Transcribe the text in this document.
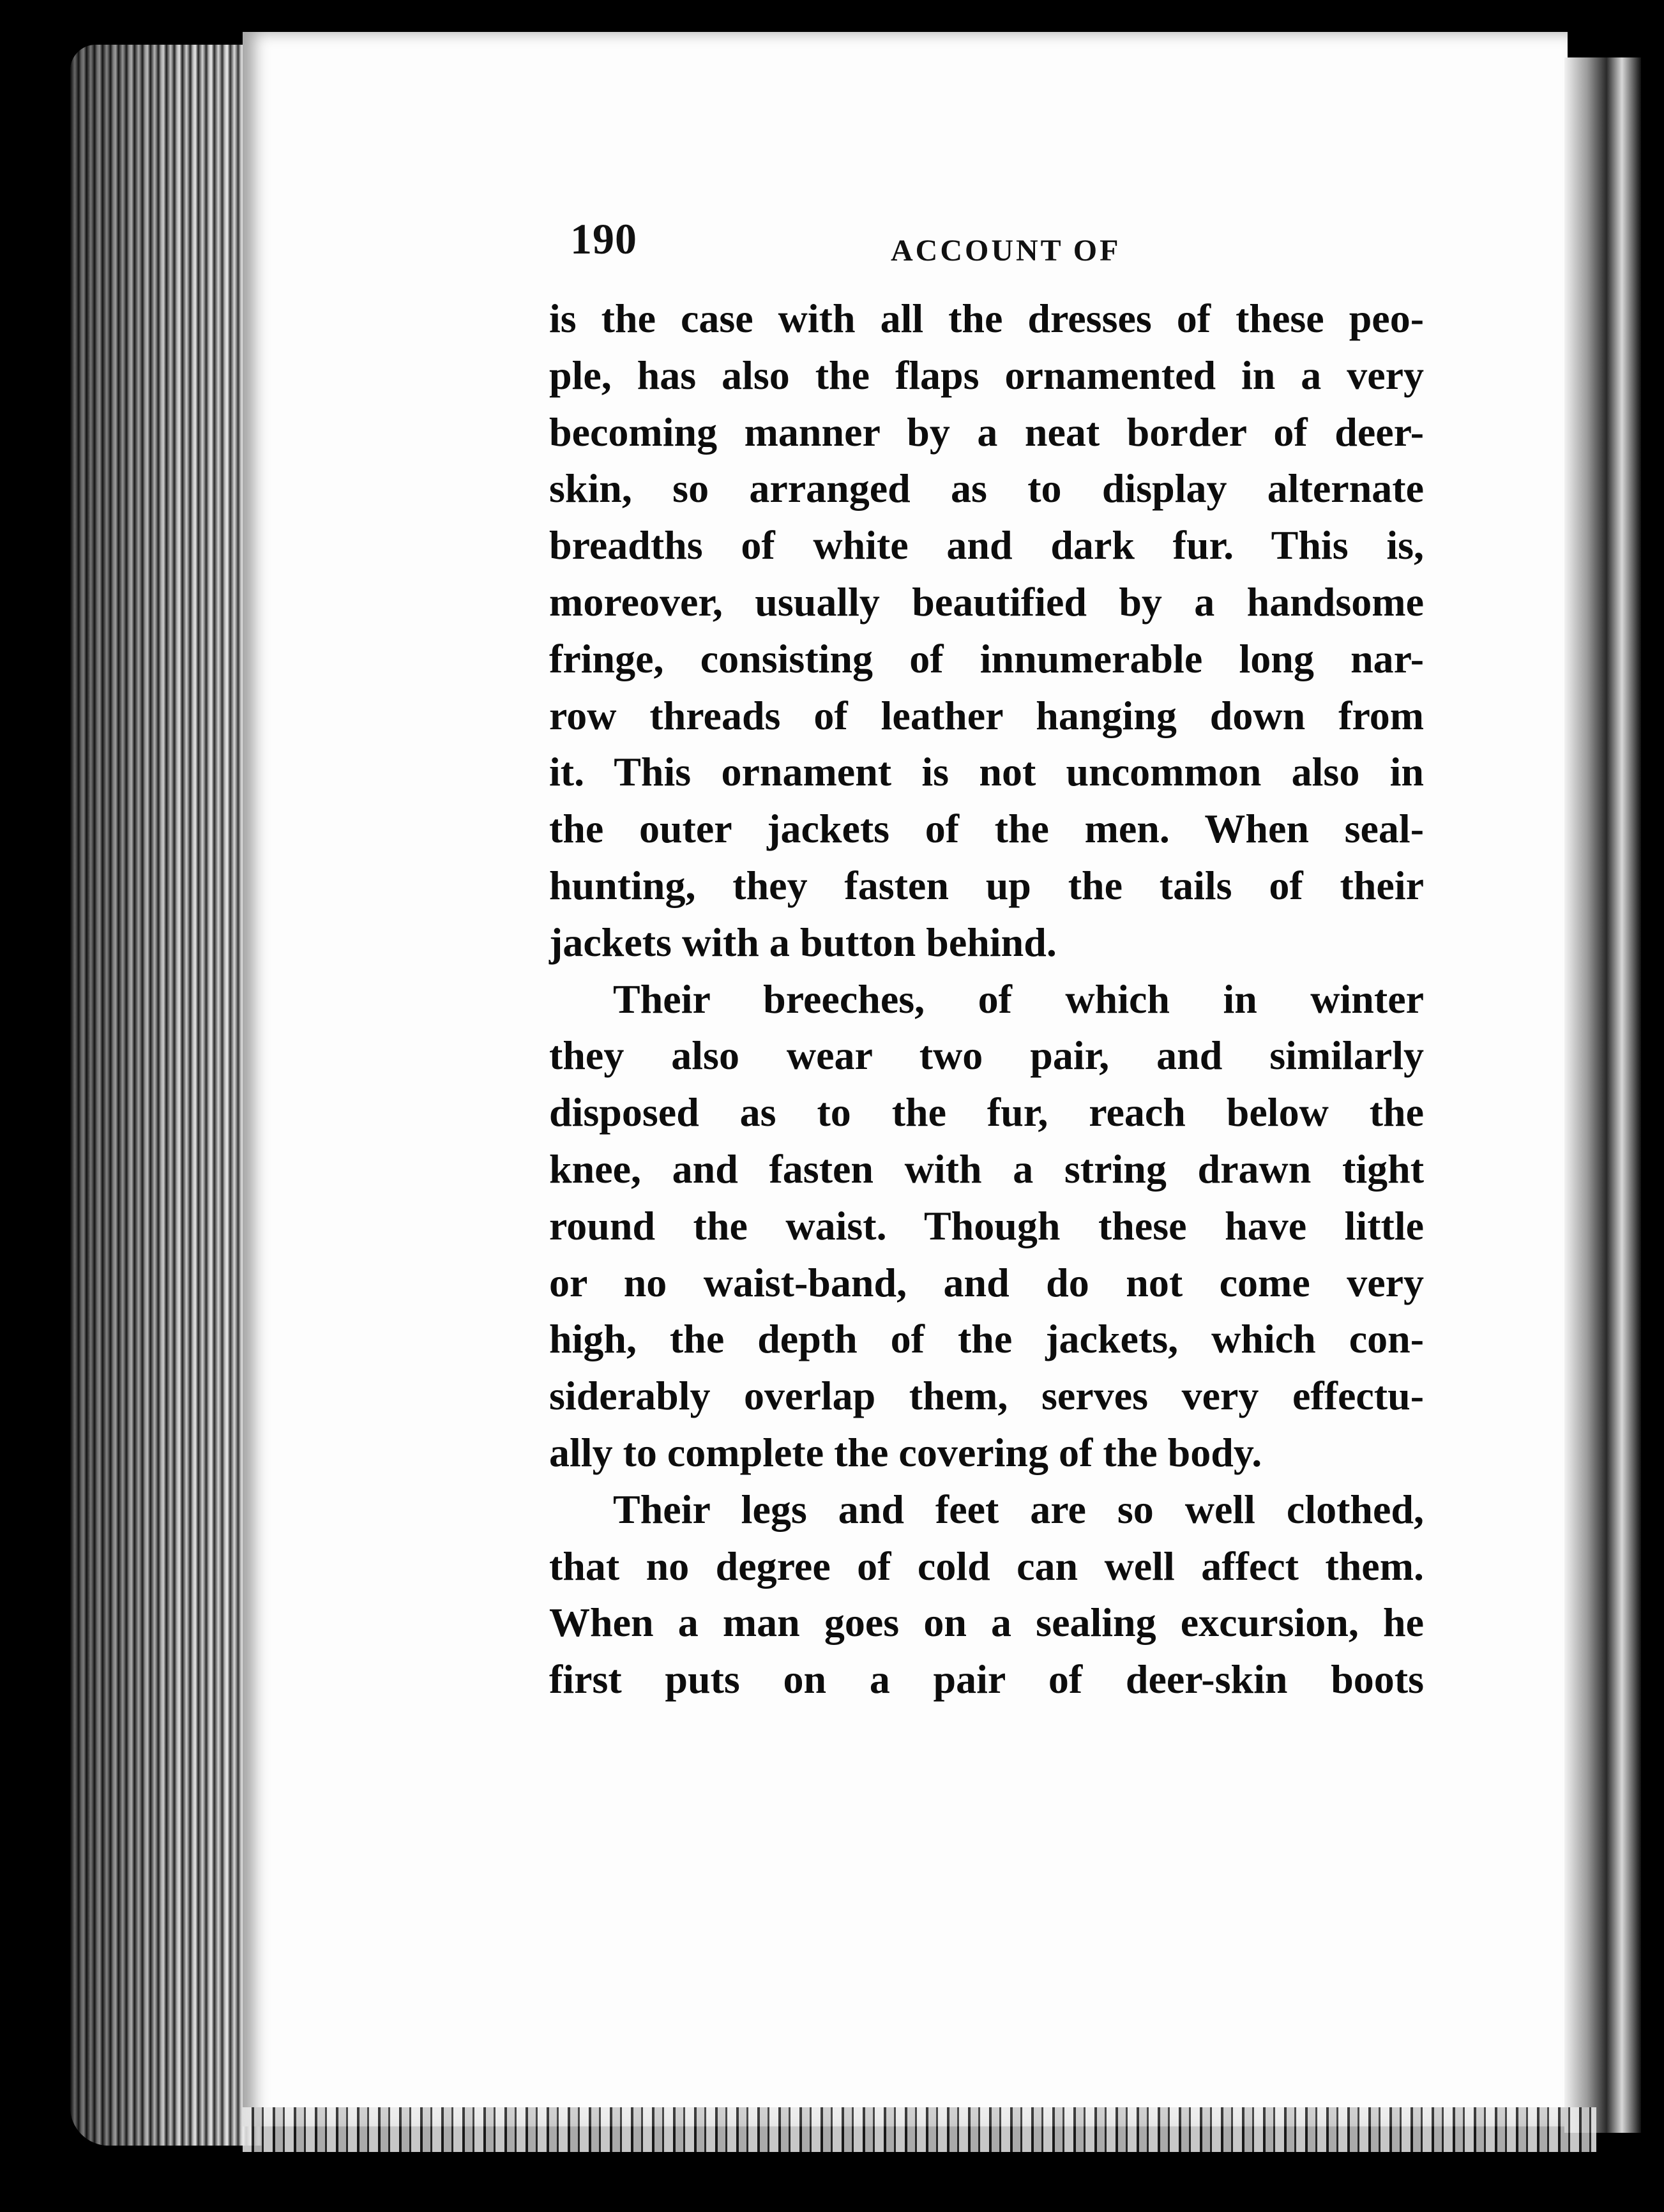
190	ACCOUNT OF
is the case with all the dresses of these peo-
ple, has also the flaps ornamented in a very
becoming manner by a neat border of deer-
skin, so arranged as to display alternate
breadths of white and dark fur. This is,
moreover, usually beautified by a handsome
fringe, consisting of innumerable long nar-
row threads of leather hanging down from
it. This ornament is not uncommon also in
the outer jackets of the men. When seal-
hunting, they fasten up the tails of their
jackets with a button behind.
Their breeches, of which in winter
they also wear two pair, and similarly
disposed as to the fur, reach below the
knee, and fasten with a string drawn tight
round the waist. Though these have little
or no waist-band, and do not come very
high, the depth of the jackets, which con-
siderably overlap them, serves very effectu-
ally to complete the covering of the body.
Their legs and feet are so well clothed,
that no degree of cold can well affect them.
When a man goes on a sealing excursion, he
first puts on a pair of deer-skin boots
